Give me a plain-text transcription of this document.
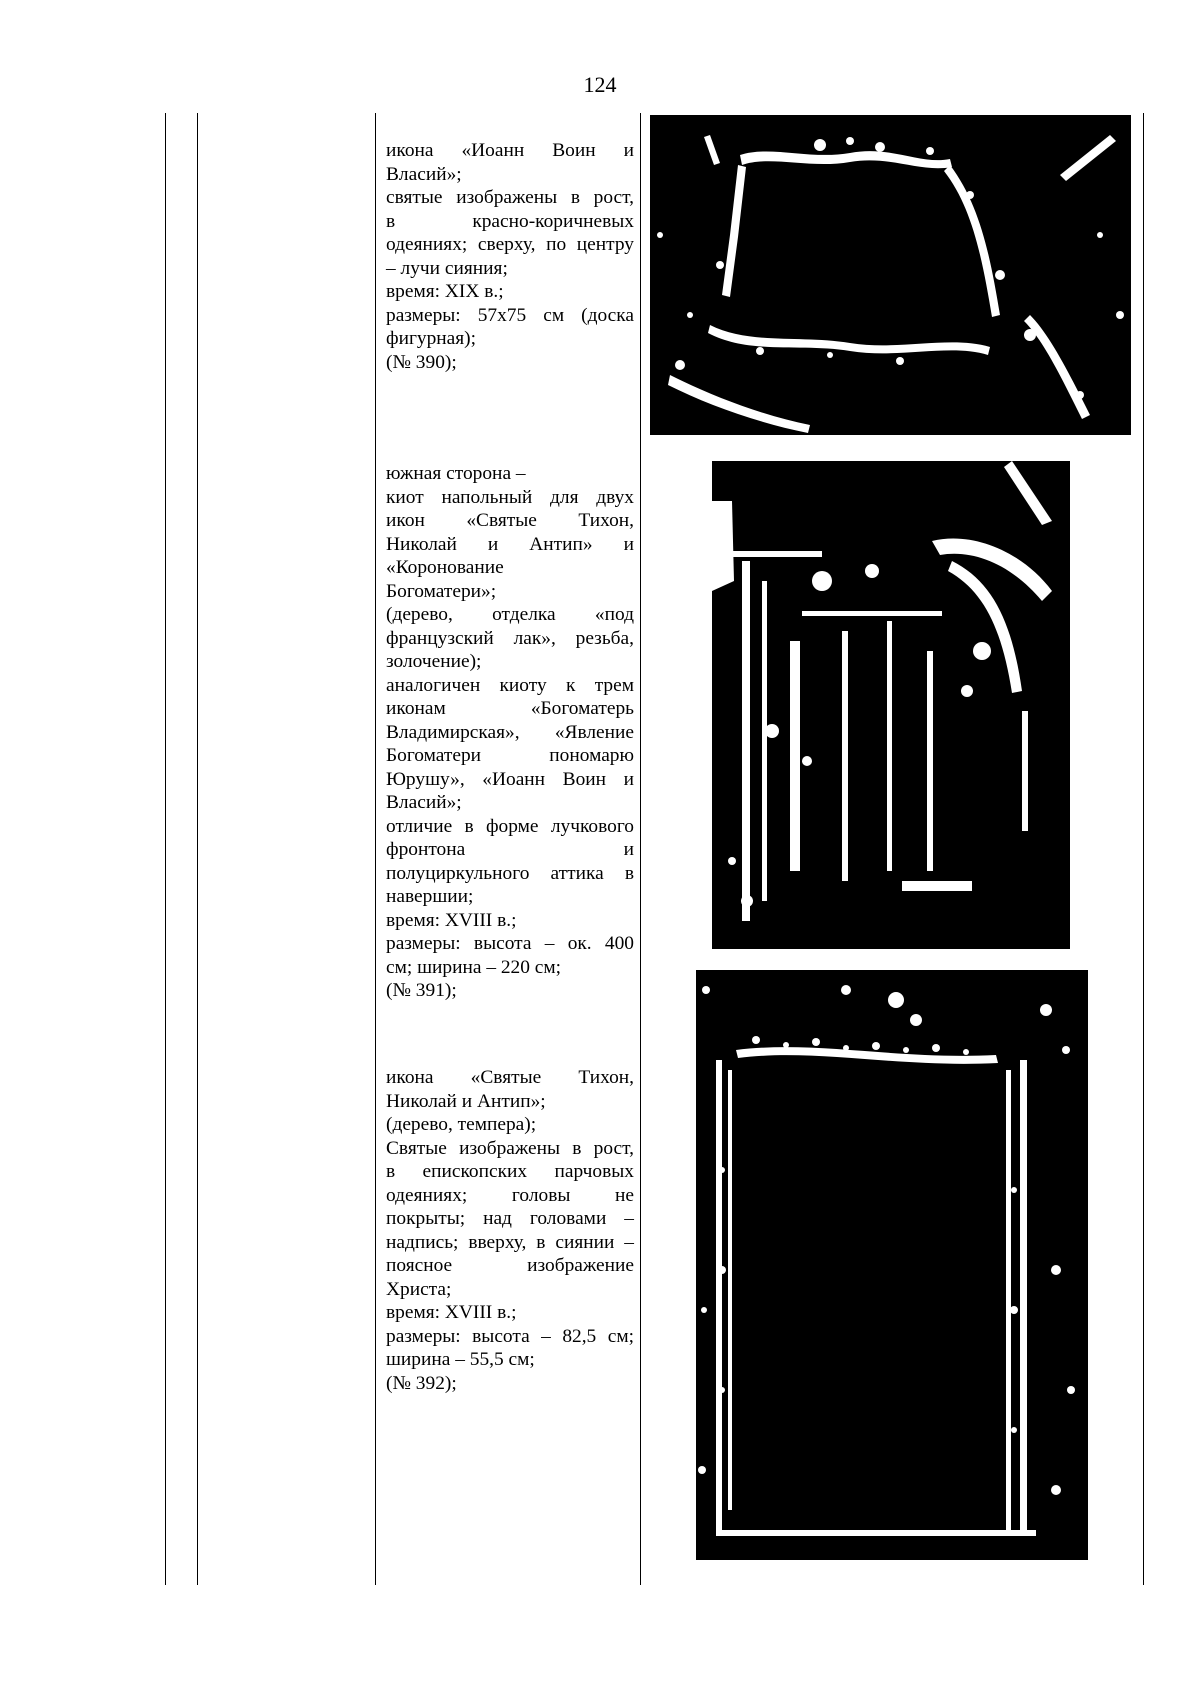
124
икона «Иоанн Воин и
Власий»;
святые изображены в рост,
в красно-коричневых
одеяниях; сверху, по центру
– лучи сияния;
время: XIX в.;
размеры: 57х75 см (доска
фигурная);
(№ 390);
южная сторона –
киот напольный для двух
икон «Святые Тихон,
Николай и Антип» и
«Коронование
Богоматери»;
(дерево, отделка «под
французский лак», резьба,
золочение);
аналогичен киоту к трем
иконам «Богоматерь
Владимирская», «Явление
Богоматери пономарю
Юрушу», «Иоанн Воин и
Власий»;
отличие в форме лучкового
фронтона и
полуциркульного аттика в
навершии;
время: XVIII в.;
размеры: высота – ок. 400
см; ширина – 220 см;
(№ 391);
икона «Святые Тихон,
Николай и Антип»;
(дерево, темпера);
Святые изображены в рост,
в епископских парчовых
одеяниях; головы не
покрыты; над головами –
надпись; вверху, в сиянии –
поясное изображение
Христа;
время: XVIII в.;
размеры: высота – 82,5 см;
ширина – 55,5 см;
(№ 392);
